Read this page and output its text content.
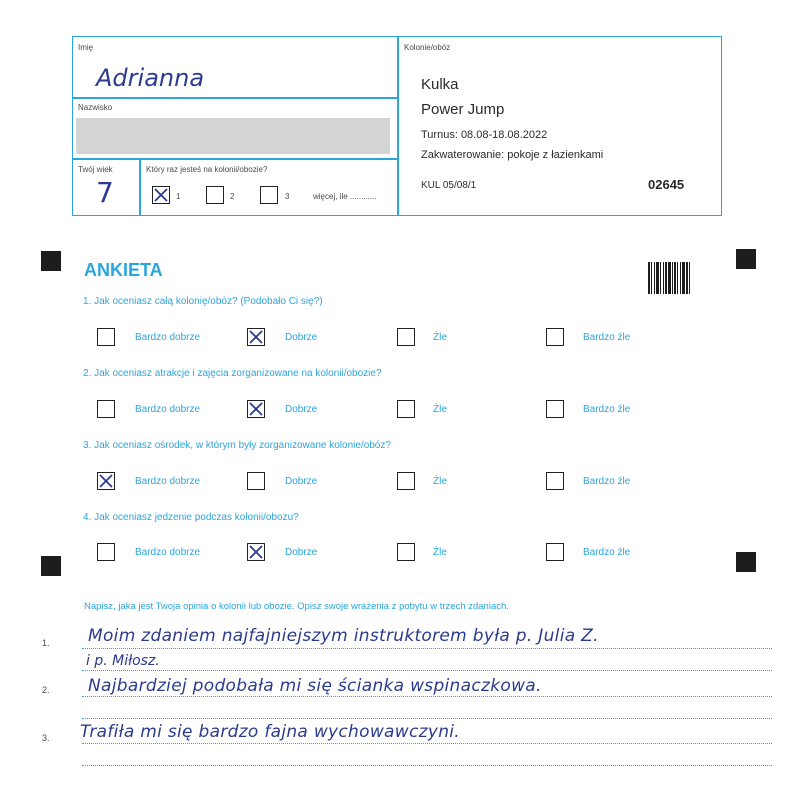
Imię
Adrianna
Nazwisko
Twój wiek
7
Który raz jesteś na kolonii/obozie?
1	2	3	więcej, ile ............
Kolonie/obóz
Kulka
Power Jump
Turnus: 08.08-18.08.2022
Zakwaterowanie: pokoje z łazienkami
KUL 05/08/1	02645
ANKIETA
1. Jak oceniasz całą kolonię/obóz? (Podobało Ci się?)
Bardzo dobrze	Dobrze	Źle	Bardzo źle
2. Jak oceniasz atrakcje i zajęcia zorganizowane na kolonii/obozie?
Bardzo dobrze	Dobrze	Źle	Bardzo źle
3. Jak oceniasz ośrodek, w którym były zorganizowane kolonie/obóz?
Bardzo dobrze	Dobrze	Źle	Bardzo źle
4. Jak oceniasz jedzenie podczas kolonii/obozu?
Bardzo dobrze	Dobrze	Źle	Bardzo źle
Napisz, jaka jest Twoja opinia o kolonii lub obozie. Opisz swoje wrażenia z pobytu w trzech zdaniach.
1.
2.
3.
Moim zdaniem najfajniejszym instruktorem była p. Julia Z.
i p. Miłosz.
Najbardziej podobała mi się ścianka wspinaczkowa.
Trafiła mi się bardzo fajna wychowawczyni.
